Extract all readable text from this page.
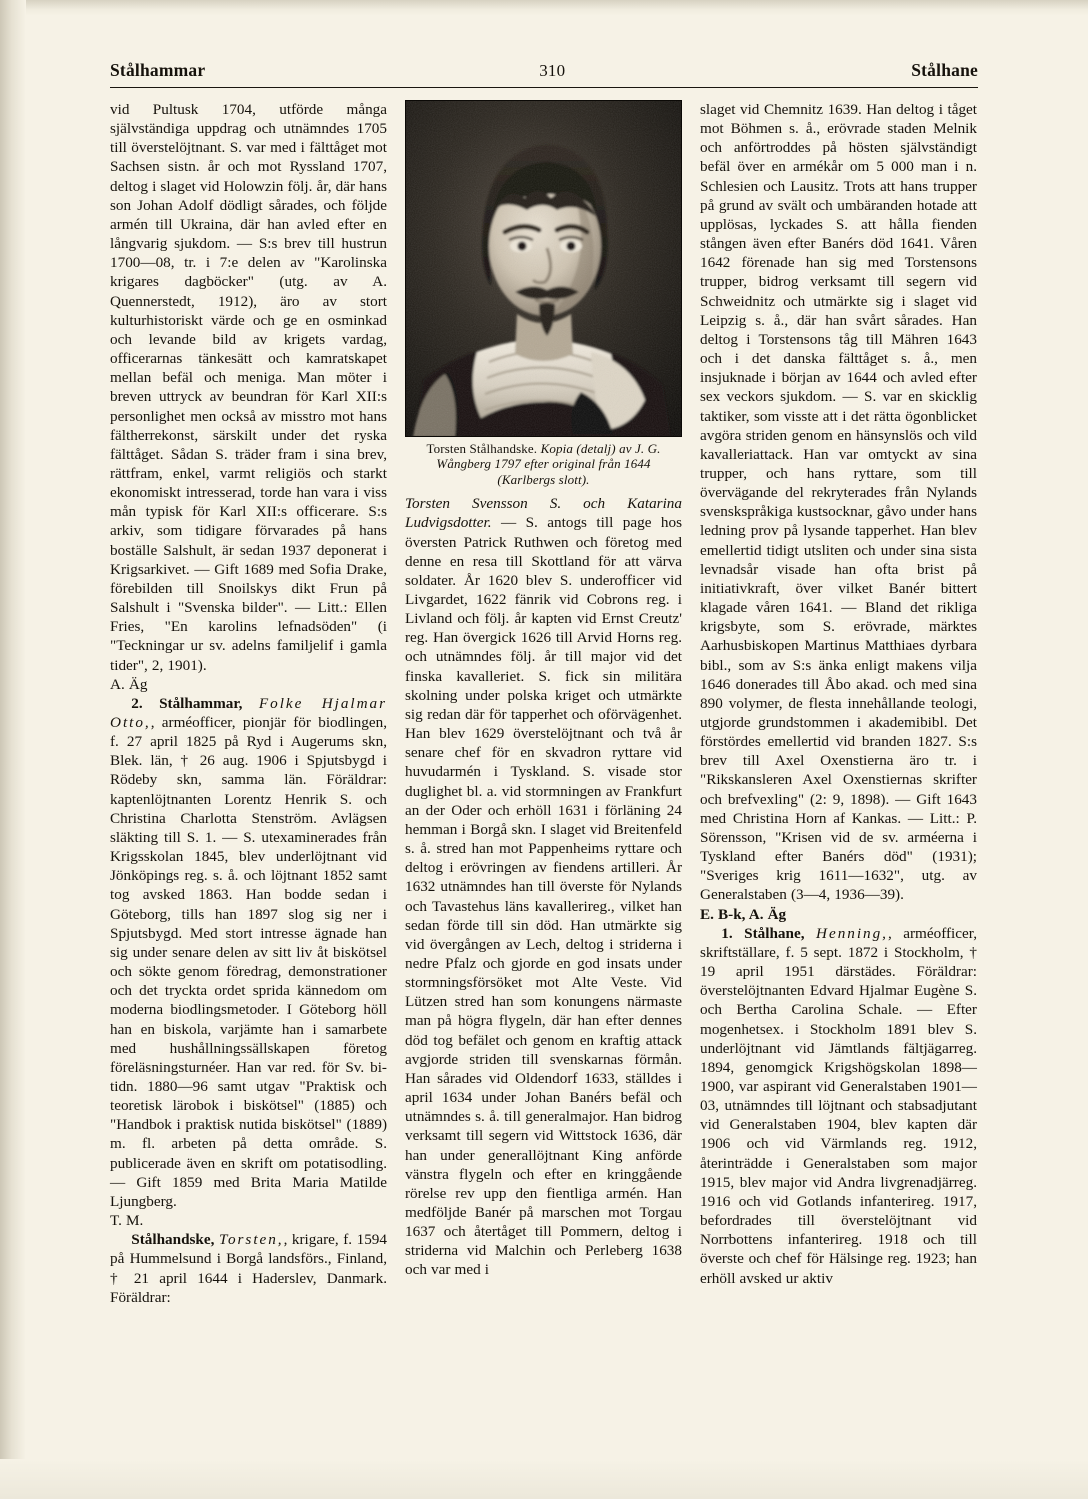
Stålhammar	310	Stålhane

vid Pultusk 1704, utförde många självständiga uppdrag och utnämndes 1705 till överstelöjtnant. S. var med i fälttåget mot Sachsen sistn. år och mot Ryssland 1707, deltog i slaget vid Holowzin följ. år, där hans son Johan Adolf dödligt sårades, och följde armén till Ukraina, där han avled efter en långvarig sjukdom. — S:s brev till hustrun 1700—08, tr. i 7:e delen av "Karolinska krigares dagböcker" (utg. av A. Quennerstedt, 1912), äro av stort kulturhistoriskt värde och ge en osminkad och levande bild av krigets vardag, officerarnas tänkesätt och kamratskapet mellan befäl och meniga. Man möter i breven uttryck av beundran för Karl XII:s personlighet men också av misstro mot hans fältherrekonst, särskilt under det ryska fälttåget. Sådan S. träder fram i sina brev, rättfram, enkel, varmt religiös och starkt ekonomiskt intresserad, torde han vara i viss mån typisk för Karl XII:s officerare. S:s arkiv, som tidigare förvarades på hans boställe Salshult, är sedan 1937 deponerat i Krigsarkivet. — Gift 1689 med Sofia Drake, förebilden till Snoilskys dikt Frun på Salshult i "Svenska bilder". — Litt.: Ellen Fries, "En karolins lefnadsöden" (i "Teckningar ur sv. adelns familjelif i gamla tider", 2, 1901).

A. Äg

2. Stålhammar, Folke Hjalmar Otto,, arméofficer, pionjär för biodlingen, f. 27 april 1825 på Ryd i Augerums skn, Blek. län, † 26 aug. 1906 i Spjutsbygd i Rödeby skn, samma län. Föräldrar: kaptenlöjtnanten Lorentz Henrik S. och Christina Charlotta Stenström. Avlägsen släkting till S. 1. — S. utexaminerades från Krigsskolan 1845, blev underlöjtnant vid Jönköpings reg. s. å. och löjtnant 1852 samt tog avsked 1863. Han bodde sedan i Göteborg, tills han 1897 slog sig ner i Spjutsbygd. Med stort intresse ägnade han sig under senare delen av sitt liv åt biskötsel och sökte genom föredrag, demonstrationer och det tryckta ordet sprida kännedom om moderna biodlingsmetoder. I Göteborg höll han en biskola, varjämte han i samarbete med hushållningssällskapen företog föreläsningsturnéer. Han var red. för Sv. bi-tidn. 1880—96 samt utgav "Praktisk och teoretisk lärobok i biskötsel" (1885) och "Handbok i praktisk nutida biskötsel" (1889) m. fl. arbeten på detta område. S. publicerade även en skrift om potatisodling. — Gift 1859 med Brita Maria Matilde Ljungberg.

T. M.

Stålhandske, Torsten,, krigare, f. 1594 på Hummelsund i Borgå landsförs., Finland, † 21 april 1644 i Haderslev, Danmark. Föräldrar:

Torsten Stålhandske. Kopia (detalj) av J. G.
Wångberg 1797 efter original från 1644
(Karlbergs slott).

Torsten Svensson S. och Katarina Ludvigsdotter. — S. antogs till page hos översten Patrick Ruthwen och företog med denne en resa till Skottland för att värva soldater. År 1620 blev S. underofficer vid Livgardet, 1622 fänrik vid Cobrons reg. i Livland och följ. år kapten vid Ernst Creutz' reg. Han övergick 1626 till Arvid Horns reg. och utnämndes följ. år till major vid det finska kavalleriet. S. fick sin militära skolning under polska kriget och utmärkte sig redan där för tapperhet och oförvägenhet. Han blev 1629 överstelöjtnant och två år senare chef för en skvadron ryttare vid huvudarmén i Tyskland. S. visade stor duglighet bl. a. vid stormningen av Frankfurt an der Oder och erhöll 1631 i förläning 24 hemman i Borgå skn. I slaget vid Breitenfeld s. å. stred han mot Pappenheims ryttare och deltog i erövringen av fiendens artilleri. År 1632 utnämndes han till överste för Nylands och Tavastehus läns kavallerireg., vilket han sedan förde till sin död. Han utmärkte sig vid övergången av Lech, deltog i striderna i nedre Pfalz och gjorde en god insats under stormningsförsöket mot Alte Veste. Vid Lützen stred han som konungens närmaste man på högra flygeln, där han efter dennes död tog befälet och genom en kraftig attack avgjorde striden till svenskarnas förmån. Han sårades vid Oldendorf 1633, ställdes i april 1634 under Johan Banérs befäl och utnämndes s. å. till generalmajor. Han bidrog verksamt till segern vid Wittstock 1636, där han under generallöjtnant King anförde vänstra flygeln och efter en kringgående rörelse rev upp den fientliga armén. Han medföljde Banér på marschen mot Torgau 1637 och återtåget till Pommern, deltog i striderna vid Malchin och Perleberg 1638 och var med i

slaget vid Chemnitz 1639. Han deltog i tåget mot Böhmen s. å., erövrade staden Melnik och anförtroddes på hösten självständigt befäl över en armékår om 5 000 man i n. Schlesien och Lausitz. Trots att hans trupper på grund av svält och umbäranden hotade att upplösas, lyckades S. att hålla fienden stången även efter Banérs död 1641. Våren 1642 förenade han sig med Torstensons trupper, bidrog verksamt till segern vid Schweidnitz och utmärkte sig i slaget vid Leipzig s. å., där han svårt sårades. Han deltog i Torstensons tåg till Mähren 1643 och i det danska fälttåget s. å., men insjuknade i början av 1644 och avled efter sex veckors sjukdom. — S. var en skicklig taktiker, som visste att i det rätta ögonblicket avgöra striden genom en hänsynslös och vild kavalleriattack. Han var omtyckt av sina trupper, och hans ryttare, som till övervägande del rekryterades från Nylands svenskspråkiga kustsocknar, gåvo under hans ledning prov på lysande tapperhet. Han blev emellertid tidigt utsliten och under sina sista levnadsår visade han ofta brist på initiativkraft, över vilket Banér bittert klagade våren 1641. — Bland det rikliga krigsbyte, som S. erövrade, märktes Aarhusbiskopen Martinus Matthiaes dyrbara bibl., som av S:s änka enligt makens vilja 1646 donerades till Åbo akad. och med sina 890 volymer, de flesta innehållande teologi, utgjorde grundstommen i akademibibl. Det förstördes emellertid vid branden 1827. S:s brev till Axel Oxenstierna äro tr. i "Rikskansleren Axel Oxenstiernas skrifter och brefvexling" (2: 9, 1898). — Gift 1643 med Christina Horn af Kankas. — Litt.: P. Sörensson, "Krisen vid de sv. arméerna i Tyskland efter Banérs död" (1931); "Sveriges krig 1611—1632", utg. av Generalstaben (3—4, 1936—39).

E. B-k, A. Äg

1. Stålhane, Henning,, arméofficer, skriftställare, f. 5 sept. 1872 i Stockholm, † 19 april 1951 därstädes. Föräldrar: överstelöjtnanten Edvard Hjalmar Eugène S. och Bertha Carolina Schale. — Efter mogenhetsex. i Stockholm 1891 blev S. underlöjtnant vid Jämtlands fältjägarreg. 1894, genomgick Krigshögskolan 1898—1900, var aspirant vid Generalstaben 1901—03, utnämndes till löjtnant och stabsadjutant vid Generalstaben 1904, blev kapten där 1906 och vid Värmlands reg. 1912, återinträdde i Generalstaben som major 1915, blev major vid Andra livgrenadjärreg. 1916 och vid Gotlands infanterireg. 1917, befordrades till överstelöjtnant vid Norrbottens infanterireg. 1918 och till överste och chef för Hälsinge reg. 1923; han erhöll avsked ur aktiv
